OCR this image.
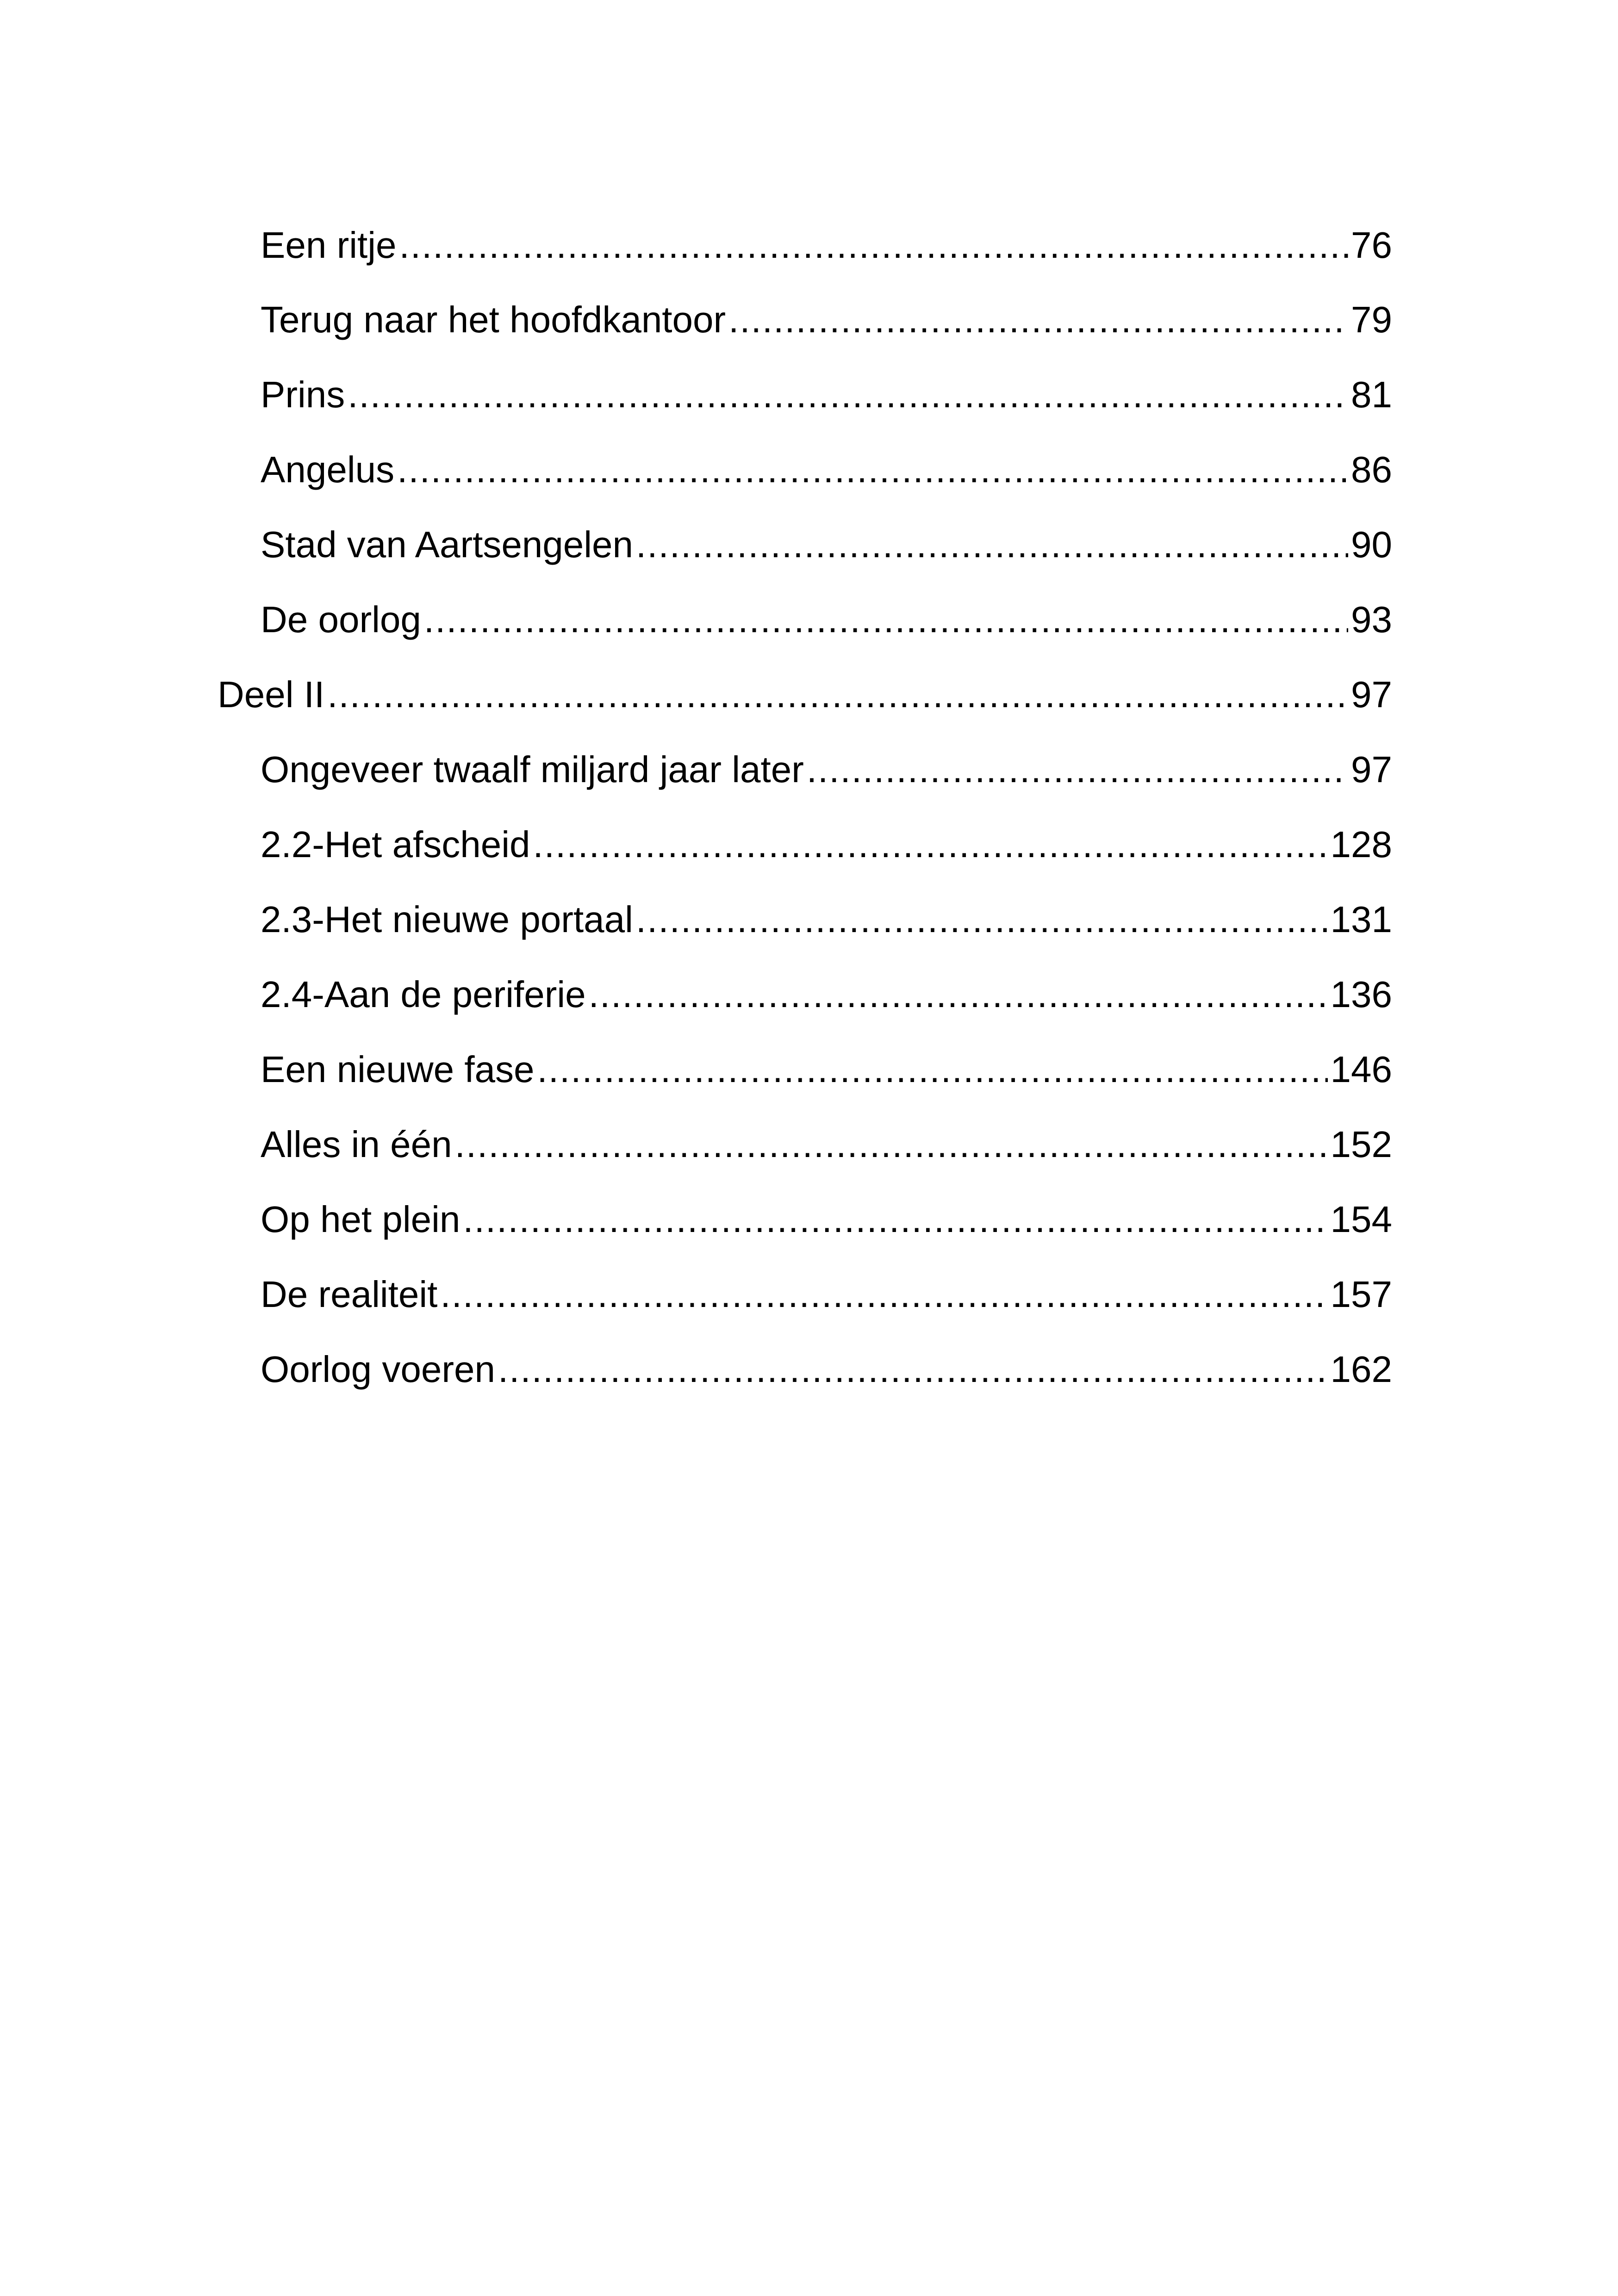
Een ritje .....	76
Terug naar het hoofdkantoor .....	79
Prins .....	81
Angelus .....	86
Stad van Aartsengelen .....	90
De oorlog .....	93
Deel II .....	97
Ongeveer twaalf miljard jaar later .....	97
2.2-Het afscheid .....	128
2.3-Het nieuwe portaal .....	131
2.4-Aan de periferie .....	136
Een nieuwe fase .....	146
Alles in één .....	152
Op het plein .....	154
De realiteit .....	157
Oorlog voeren .....	162
